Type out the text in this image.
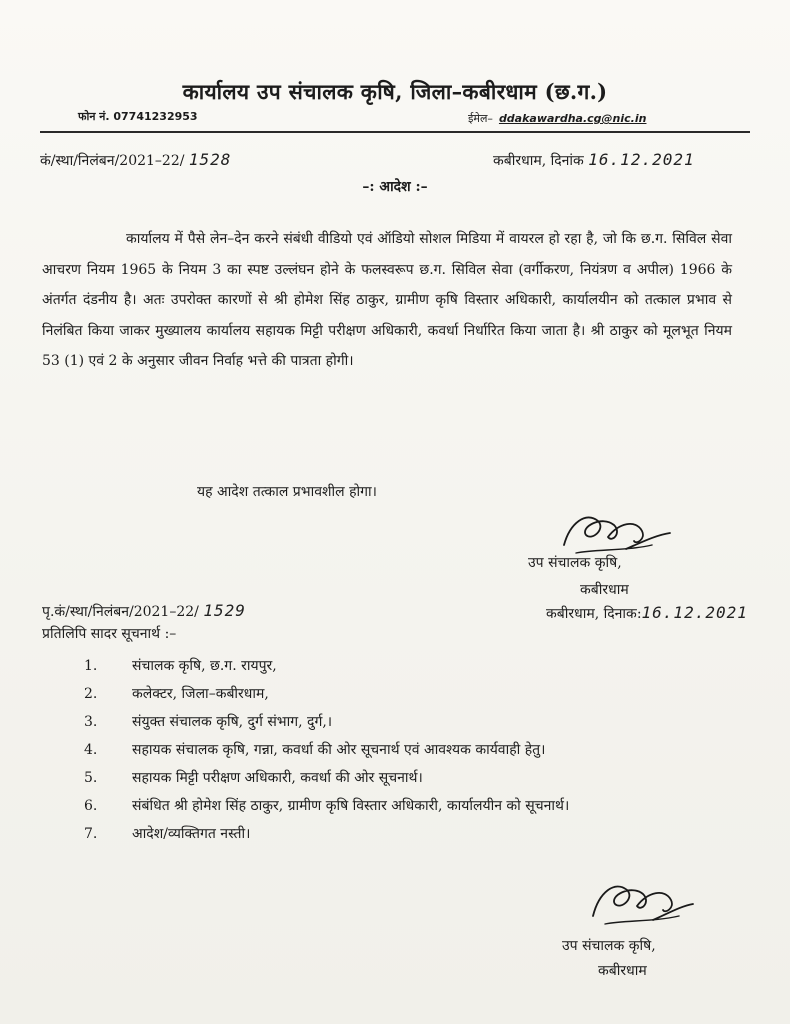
कार्यालय उप संचालक कृषि, जिला–कबीरधाम (छ.ग.)
फोन नं. 07741232953	ईमेल– ddakawardha.cg@nic.in
कं/स्था/निलंबन/2021–22/ 1528	कबीरधाम, दिनांक 16.12.2021
–: आदेश :–

कार्यालय में पैसे लेन–देन करने संबंधी वीडियो एवं ऑडियो सोशल मिडिया में वायरल हो रहा है, जो कि छ.ग. सिविल सेवा आचरण नियम 1965 के नियम 3 का स्पष्ट उल्लंघन होने के फलस्वरूप छ.ग. सिविल सेवा (वर्गीकरण, नियंत्रण व अपील) 1966 के अंतर्गत दंडनीय है। अतः उपरोक्त कारणों से श्री होमेश सिंह ठाकुर, ग्रामीण कृषि विस्तार अधिकारी, कार्यालयीन को तत्काल प्रभाव से निलंबित किया जाकर मुख्यालय कार्यालय सहायक मिट्टी परीक्षण अधिकारी, कवर्धा निर्धारित किया जाता है। श्री ठाकुर को मूलभूत नियम 53 (1) एवं 2 के अनुसार जीवन निर्वाह भत्ते की पात्रता होगी।

यह आदेश तत्काल प्रभावशील होगा।
उप संचालक कृषि,
कबीरधाम
पृ.कं/स्था/निलंबन/2021–22/ 1529	कबीरधाम, दिनाक:16.12.2021
प्रतिलिपि सादर सूचनार्थ :–
1.	संचालक कृषि, छ.ग. रायपुर,
2.	कलेक्टर, जिला–कबीरधाम,
3.	संयुक्त संचालक कृषि, दुर्ग संभाग, दुर्ग,।
4.	सहायक संचालक कृषि, गन्ना, कवर्धा की ओर सूचनार्थ एवं आवश्यक कार्यवाही हेतु।
5.	सहायक मिट्टी परीक्षण अधिकारी, कवर्धा की ओर सूचनार्थ।
6.	संबंधित श्री होमेश सिंह ठाकुर, ग्रामीण कृषि विस्तार अधिकारी, कार्यालयीन को सूचनार्थ।
7.	आदेश/व्यक्तिगत नस्ती।
उप संचालक कृषि,
कबीरधाम
